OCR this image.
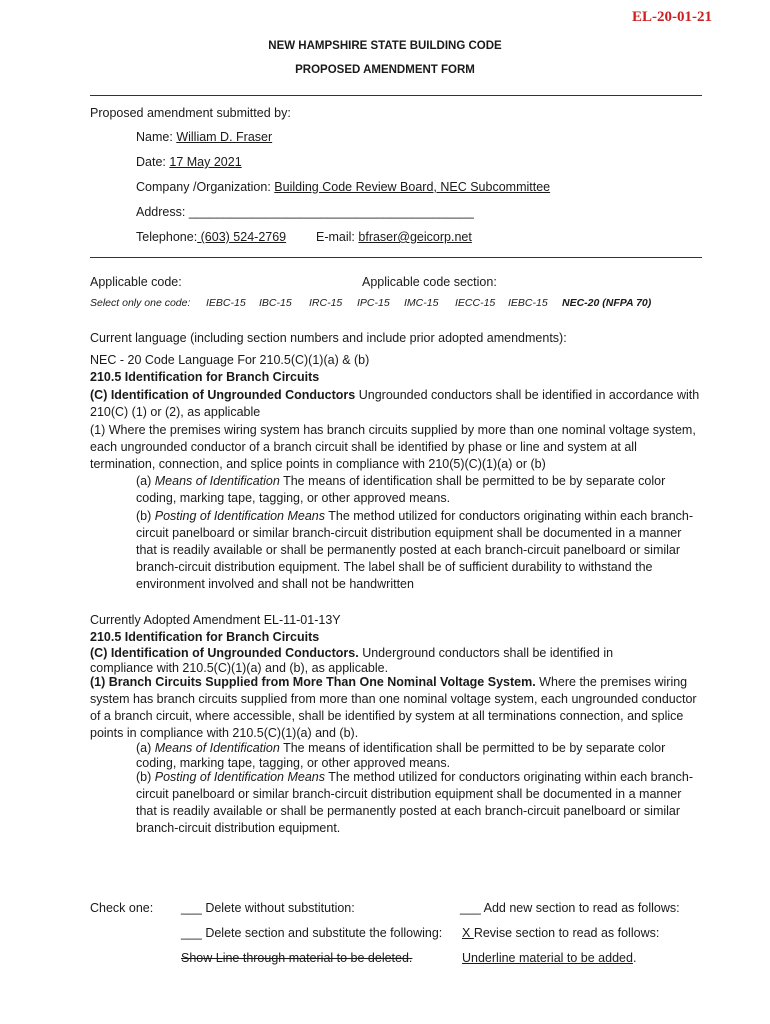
EL-20-01-21
NEW HAMPSHIRE STATE BUILDING CODE
PROPOSED AMENDMENT FORM
Proposed amendment submitted by:
Name: William D. Fraser
Date: 17 May 2021
Company /Organization: Building Code Review Board, NEC Subcommittee
Address: _________________________________________
Telephone: (603) 524-2769 E-mail: bfraser@geicorp.net
Applicable code:	Applicable code section:
Select only one code: IEBC-15 IBC-15 IRC-15 IPC-15 IMC-15 IECC-15 IEBC-15 NEC-20 (NFPA 70)
Current language (including section numbers and include prior adopted amendments):
NEC - 20 Code Language For 210.5(C)(1)(a) & (b)
210.5 Identification for Branch Circuits
(C) Identification of Ungrounded Conductors Ungrounded conductors shall be identified in accordance with 210(C) (1) or (2), as applicable
(1) Where the premises wiring system has branch circuits supplied by more than one nominal voltage system, each ungrounded conductor of a branch circuit shall be identified by phase or line and system at all termination, connection, and splice points in compliance with 210(5)(C)(1)(a) or (b)
(a) Means of Identification The means of identification shall be permitted to be by separate color coding, marking tape, tagging, or other approved means.
(b) Posting of Identification Means The method utilized for conductors originating within each branch- circuit panelboard or similar branch-circuit distribution equipment shall be documented in a manner that is readily available or shall be permanently posted at each branch-circuit panelboard or similar branch-circuit distribution equipment. The label shall be of sufficient durability to withstand the environment involved and shall not be handwritten
Currently Adopted Amendment EL-11-01-13Y
210.5 Identification for Branch Circuits
(C) Identification of Ungrounded Conductors. Underground conductors shall be identified in compliance with 210.5(C)(1)(a) and (b), as applicable.
(1) Branch Circuits Supplied from More Than One Nominal Voltage System. Where the premises wiring system has branch circuits supplied from more than one nominal voltage system, each ungrounded conductor of a branch circuit, where accessible, shall be identified by system at all terminations connection, and splice points in compliance with 210.5(C)(1)(a) and (b).
(a) Means of Identification The means of identification shall be permitted to be by separate color coding, marking tape, tagging, or other approved means.
(b) Posting of Identification Means The method utilized for conductors originating within each branch- circuit panelboard or similar branch-circuit distribution equipment shall be documented in a manner that is readily available or shall be permanently posted at each branch-circuit panelboard or similar branch-circuit distribution equipment.
Check one: ___ Delete without substitution:	___ Add new section to read as follows:
___ Delete section and substitute the following: X Revise section to read as follows:
Show Line through material to be deleted.	Underline material to be added.
